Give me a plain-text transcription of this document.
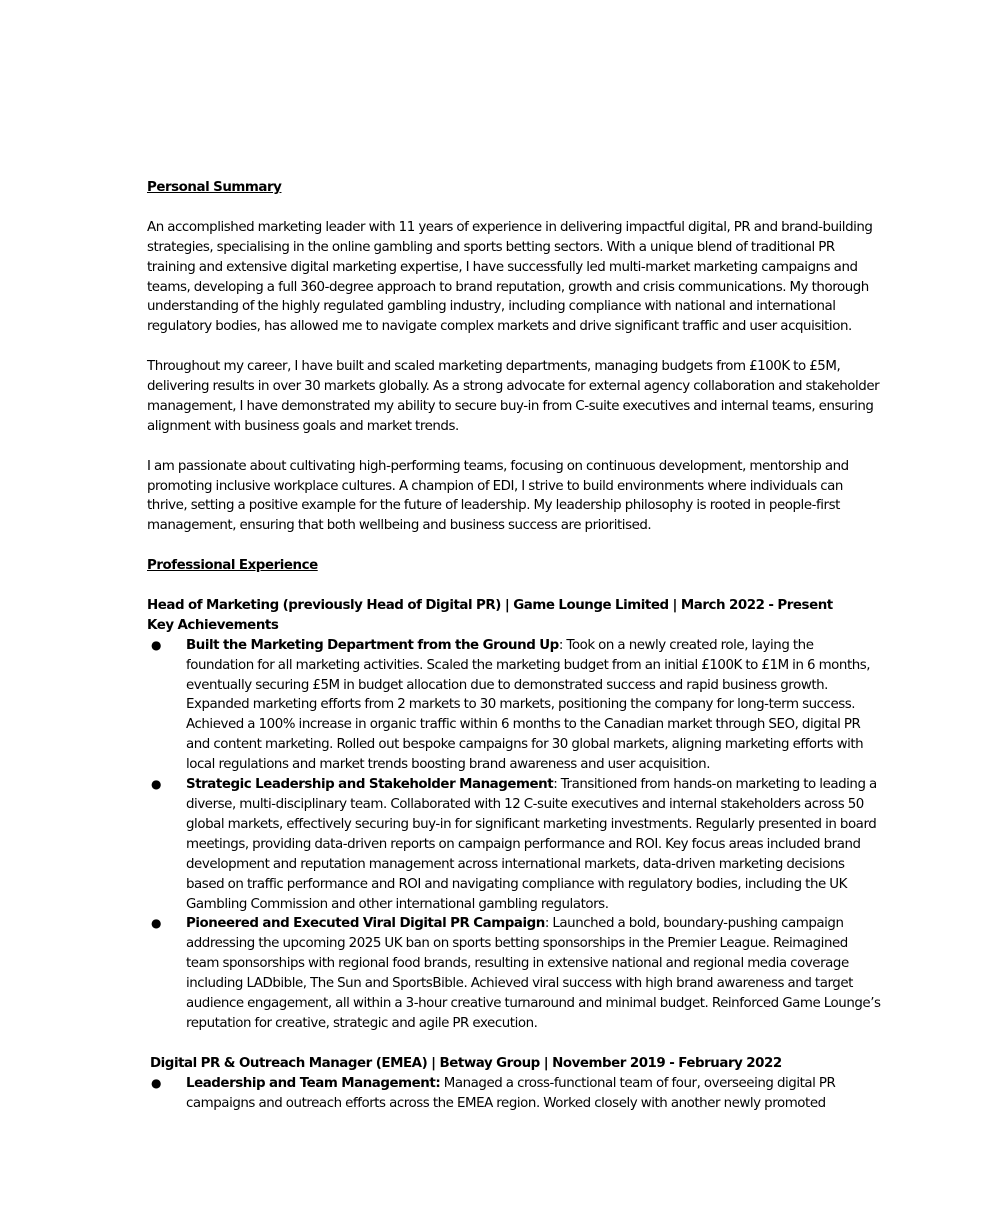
Personal Summary

An accomplished marketing leader with 11 years of experience in delivering impactful digital, PR and brand-building strategies, specialising in the online gambling and sports betting sectors. With a unique blend of traditional PR training and extensive digital marketing expertise, I have successfully led multi-market marketing campaigns and teams, developing a full 360-degree approach to brand reputation, growth and crisis communications. My thorough understanding of the highly regulated gambling industry, including compliance with national and international regulatory bodies, has allowed me to navigate complex markets and drive significant traffic and user acquisition.

Throughout my career, I have built and scaled marketing departments, managing budgets from £100K to £5M, delivering results in over 30 markets globally. As a strong advocate for external agency collaboration and stakeholder management, I have demonstrated my ability to secure buy-in from C-suite executives and internal teams, ensuring alignment with business goals and market trends.

I am passionate about cultivating high-performing teams, focusing on continuous development, mentorship and promoting inclusive workplace cultures. A champion of EDI, I strive to build environments where individuals can thrive, setting a positive example for the future of leadership. My leadership philosophy is rooted in people-first management, ensuring that both wellbeing and business success are prioritised.

Professional Experience

Head of Marketing (previously Head of Digital PR) | Game Lounge Limited | March 2022 - Present

Key Achievements

● Built the Marketing Department from the Ground Up: Took on a newly created role, laying the foundation for all marketing activities. Scaled the marketing budget from an initial £100K to £1M in 6 months, eventually securing £5M in budget allocation due to demonstrated success and rapid business growth. Expanded marketing efforts from 2 markets to 30 markets, positioning the company for long-term success. Achieved a 100% increase in organic traffic within 6 months to the Canadian market through SEO, digital PR and content marketing. Rolled out bespoke campaigns for 30 global markets, aligning marketing efforts with local regulations and market trends boosting brand awareness and user acquisition.
● Strategic Leadership and Stakeholder Management: Transitioned from hands-on marketing to leading a diverse, multi-disciplinary team. Collaborated with 12 C-suite executives and internal stakeholders across 50 global markets, effectively securing buy-in for significant marketing investments. Regularly presented in board meetings, providing data-driven reports on campaign performance and ROI. Key focus areas included brand development and reputation management across international markets, data-driven marketing decisions based on traffic performance and ROI and navigating compliance with regulatory bodies, including the UK Gambling Commission and other international gambling regulators.
● Pioneered and Executed Viral Digital PR Campaign: Launched a bold, boundary-pushing campaign addressing the upcoming 2025 UK ban on sports betting sponsorships in the Premier League. Reimagined team sponsorships with regional food brands, resulting in extensive national and regional media coverage including LADbible, The Sun and SportsBible. Achieved viral success with high brand awareness and target audience engagement, all within a 3-hour creative turnaround and minimal budget. Reinforced Game Lounge’s reputation for creative, strategic and agile PR execution.

Digital PR & Outreach Manager (EMEA) | Betway Group | November 2019 - February 2022

● Leadership and Team Management: Managed a cross-functional team of four, overseeing digital PR campaigns and outreach efforts across the EMEA region. Worked closely with another newly promoted
